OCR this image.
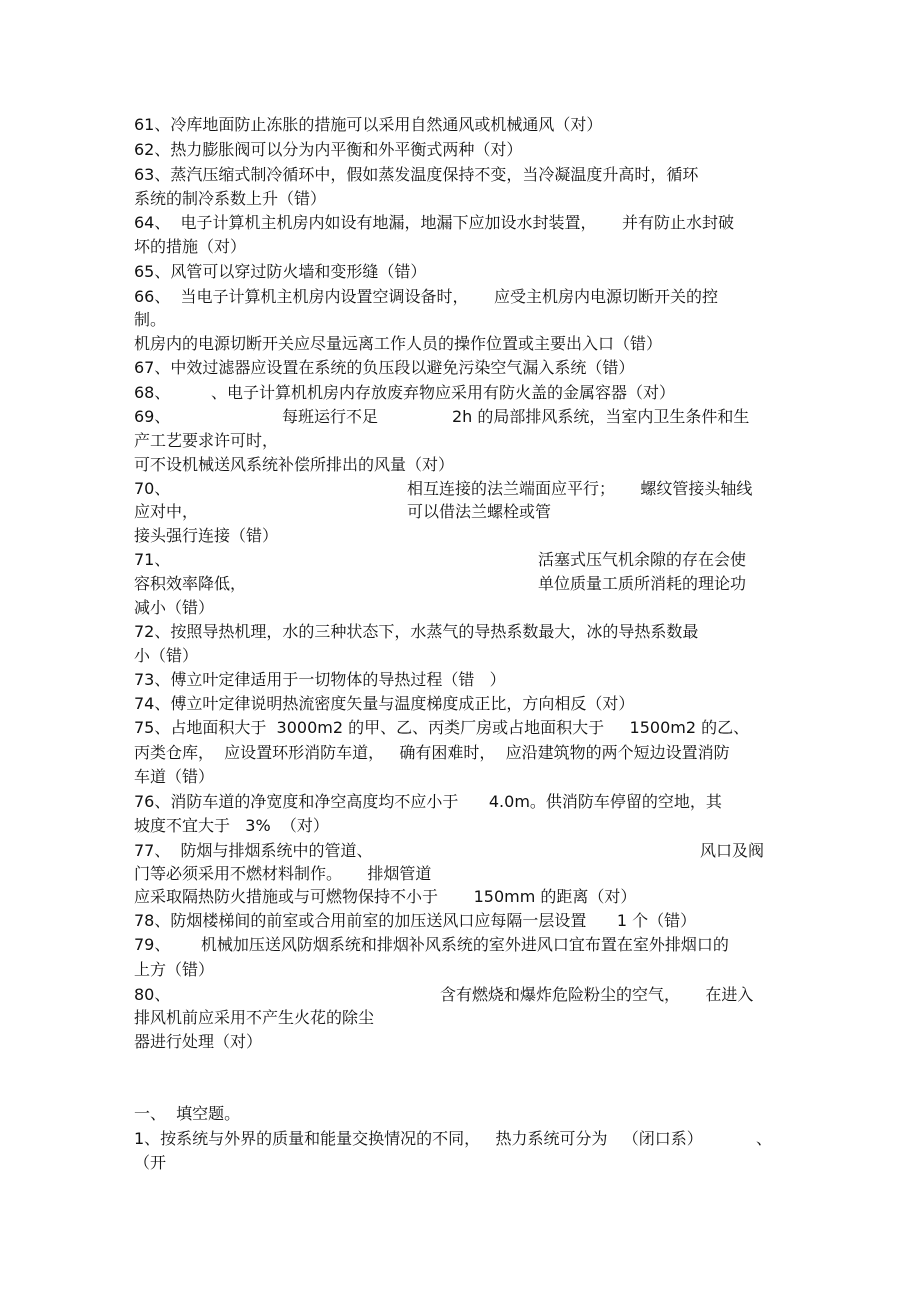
61、冷库地面防止冻胀的措施可以采用自然通风或机械通风（对）
62、热力膨胀阀可以分为内平衡和外平衡式两种（对）
63、蒸汽压缩式制冷循环中，假如蒸发温度保持不变，当冷凝温度升高时，循环
系统的制冷系数上升（错）
64、  电子计算机主机房内如设有地漏，地漏下应加设水封装置，     并有防止水封破
坏的措施（对）
65、风管可以穿过防火墙和变形缝（错）
66、  当电子计算机主机房内设置空调设备时，     应受主机房内电源切断开关的控
制。
机房内的电源切断开关应尽量远离工作人员的操作位置或主要出入口（错）
67、中效过滤器应设置在系统的负压段以避免污染空气漏入系统（错）
68、        、电子计算机机房内存放废弃物应采用有防火盖的金属容器（对）

69、

	每班运行不足

	2h 的局部排风系统，当室内卫生条件和生

产工艺要求许可时，
可不设机械送风系统补偿所排出的风量（对）

70、

	相互连接的法兰端面应平行；     螺纹管接头轴线

应对中，

	可以借法兰螺栓或管

接头强行连接（错）

71、

	活塞式压气机余隙的存在会使

容积效率降低，

	单位质量工质所消耗的理论功

减小（错）
72、按照导热机理，水的三种状态下，水蒸气的导热系数最大，冰的导热系数最
小（错）
73、傅立叶定律适用于一切物体的导热过程（错   ）
74、傅立叶定律说明热流密度矢量与温度梯度成正比，方向相反（对）
75、占地面积大于  3000m2 的甲、乙、丙类厂房或占地面积大于     1500m2 的乙、
丙类仓库，  应设置环形消防车道，   确有困难时，  应沿建筑物的两个短边设置消防
车道（错）
76、消防车道的净宽度和净空高度均不应小于      4.0m。供消防车停留的空地，其
坡度不宜大于   3%  （对）

77、  防烟与排烟系统中的管道、

	风口及阀

门等必须采用不燃材料制作。     排烟管道
应采取隔热防火措施或与可燃物保持不小于       150mm 的距离（对）
78、防烟楼梯间的前室或合用前室的加压送风口应每隔一层设置      1 个（错）
79、      机械加压送风防烟系统和排烟补风系统的室外进风口宜布置在室外排烟口的
上方（错）

80、

	含有燃烧和爆炸危险粉尘的空气，     在进入

排风机前应采用不产生火花的除尘
器进行处理（对）
一、  填空题。

1、按系统与外界的质量和能量交换情况的不同，   热力系统可分为   （闭口系）

	、

（开
